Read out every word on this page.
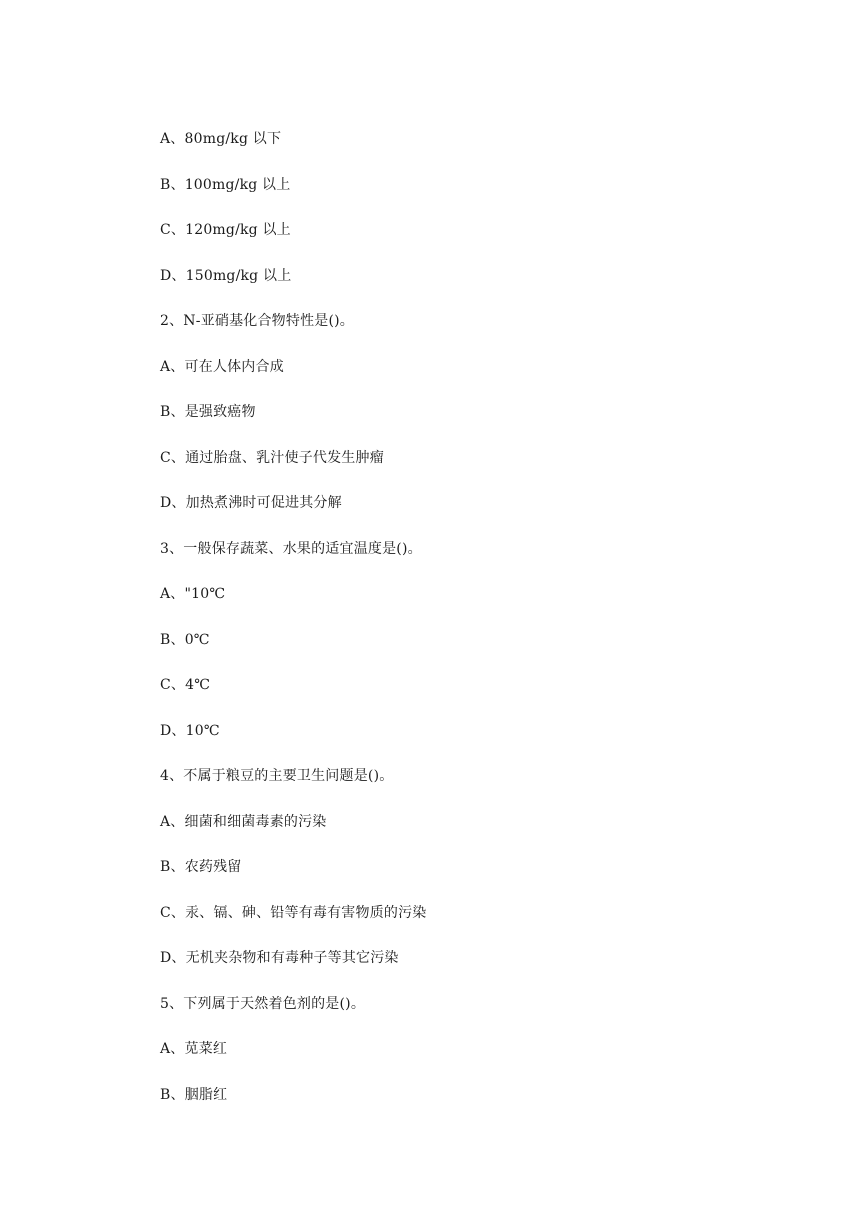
A、80mg/kg 以下
B、100mg/kg 以上
C、120mg/kg 以上
D、150mg/kg 以上
2、N-亚硝基化合物特性是()。
A、可在人体内合成
B、是强致癌物
C、通过胎盘、乳汁使子代发生肿瘤
D、加热煮沸时可促进其分解
3、一般保存蔬菜、水果的适宜温度是()。
A、"10℃
B、0℃
C、4℃
D、10℃
4、不属于粮豆的主要卫生问题是()。
A、细菌和细菌毒素的污染
B、农药残留
C、汞、镉、砷、铅等有毒有害物质的污染
D、无机夹杂物和有毒种子等其它污染
5、下列属于天然着色剂的是()。
A、苋菜红
B、胭脂红
